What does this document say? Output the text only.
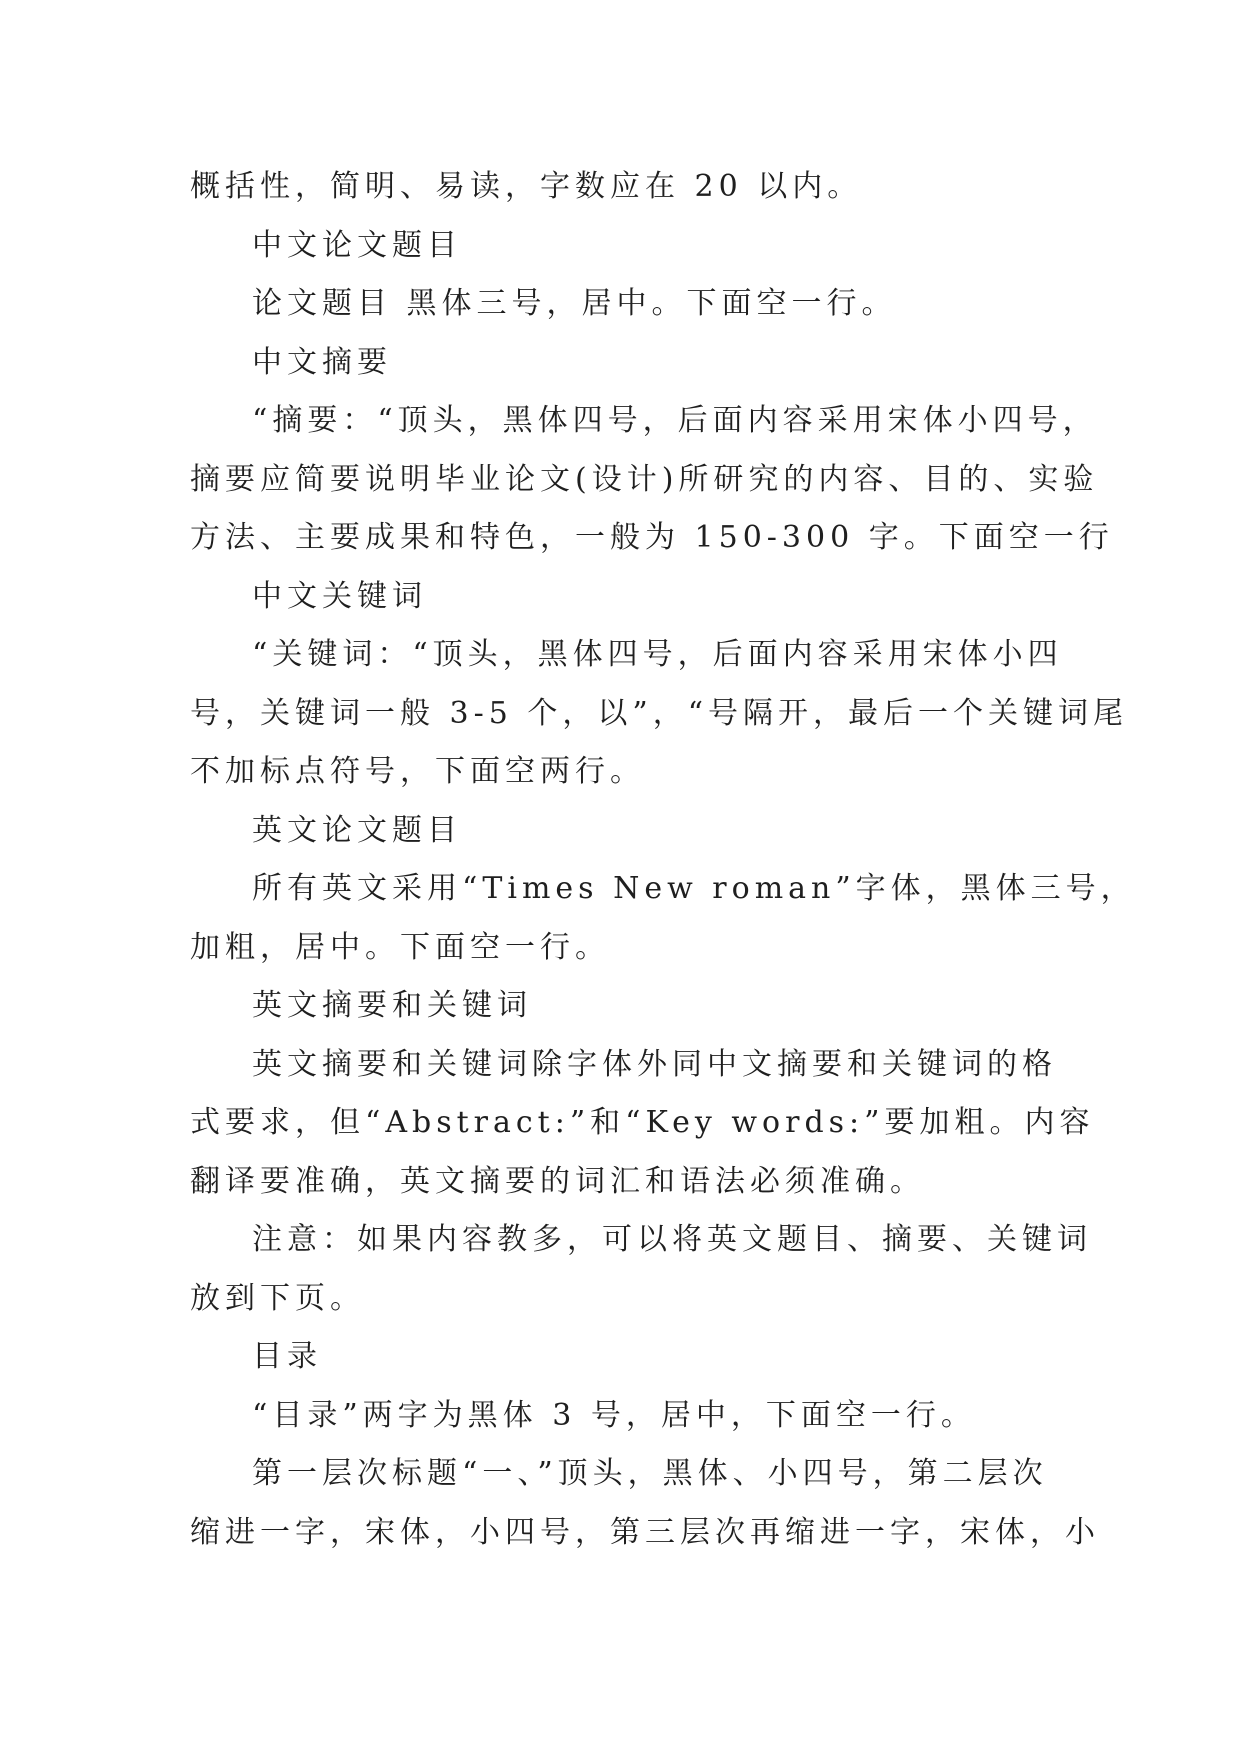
概括性，简明、易读，字数应在 20 以内。
中文论文题目
论文题目 黑体三号，居中。下面空一行。
中文摘要
“摘要：“顶头，黑体四号，后面内容采用宋体小四号，
摘要应简要说明毕业论文(设计)所研究的内容、目的、实验
方法、主要成果和特色，一般为 150-300 字。下面空一行
中文关键词
“关键词：“顶头，黑体四号，后面内容采用宋体小四
号，关键词一般 3-5 个，以”，“号隔开，最后一个关键词尾
不加标点符号，下面空两行。
英文论文题目
所有英文采用“Times New roman”字体，黑体三号，
加粗，居中。下面空一行。
英文摘要和关键词
英文摘要和关键词除字体外同中文摘要和关键词的格
式要求，但“Abstract:”和“Key words:”要加粗。内容
翻译要准确，英文摘要的词汇和语法必须准确。
注意：如果内容教多，可以将英文题目、摘要、关键词
放到下页。
目录
“目录”两字为黑体 3 号，居中，下面空一行。
第一层次标题“一、”顶头，黑体、小四号，第二层次
缩进一字，宋体，小四号，第三层次再缩进一字，宋体，小
